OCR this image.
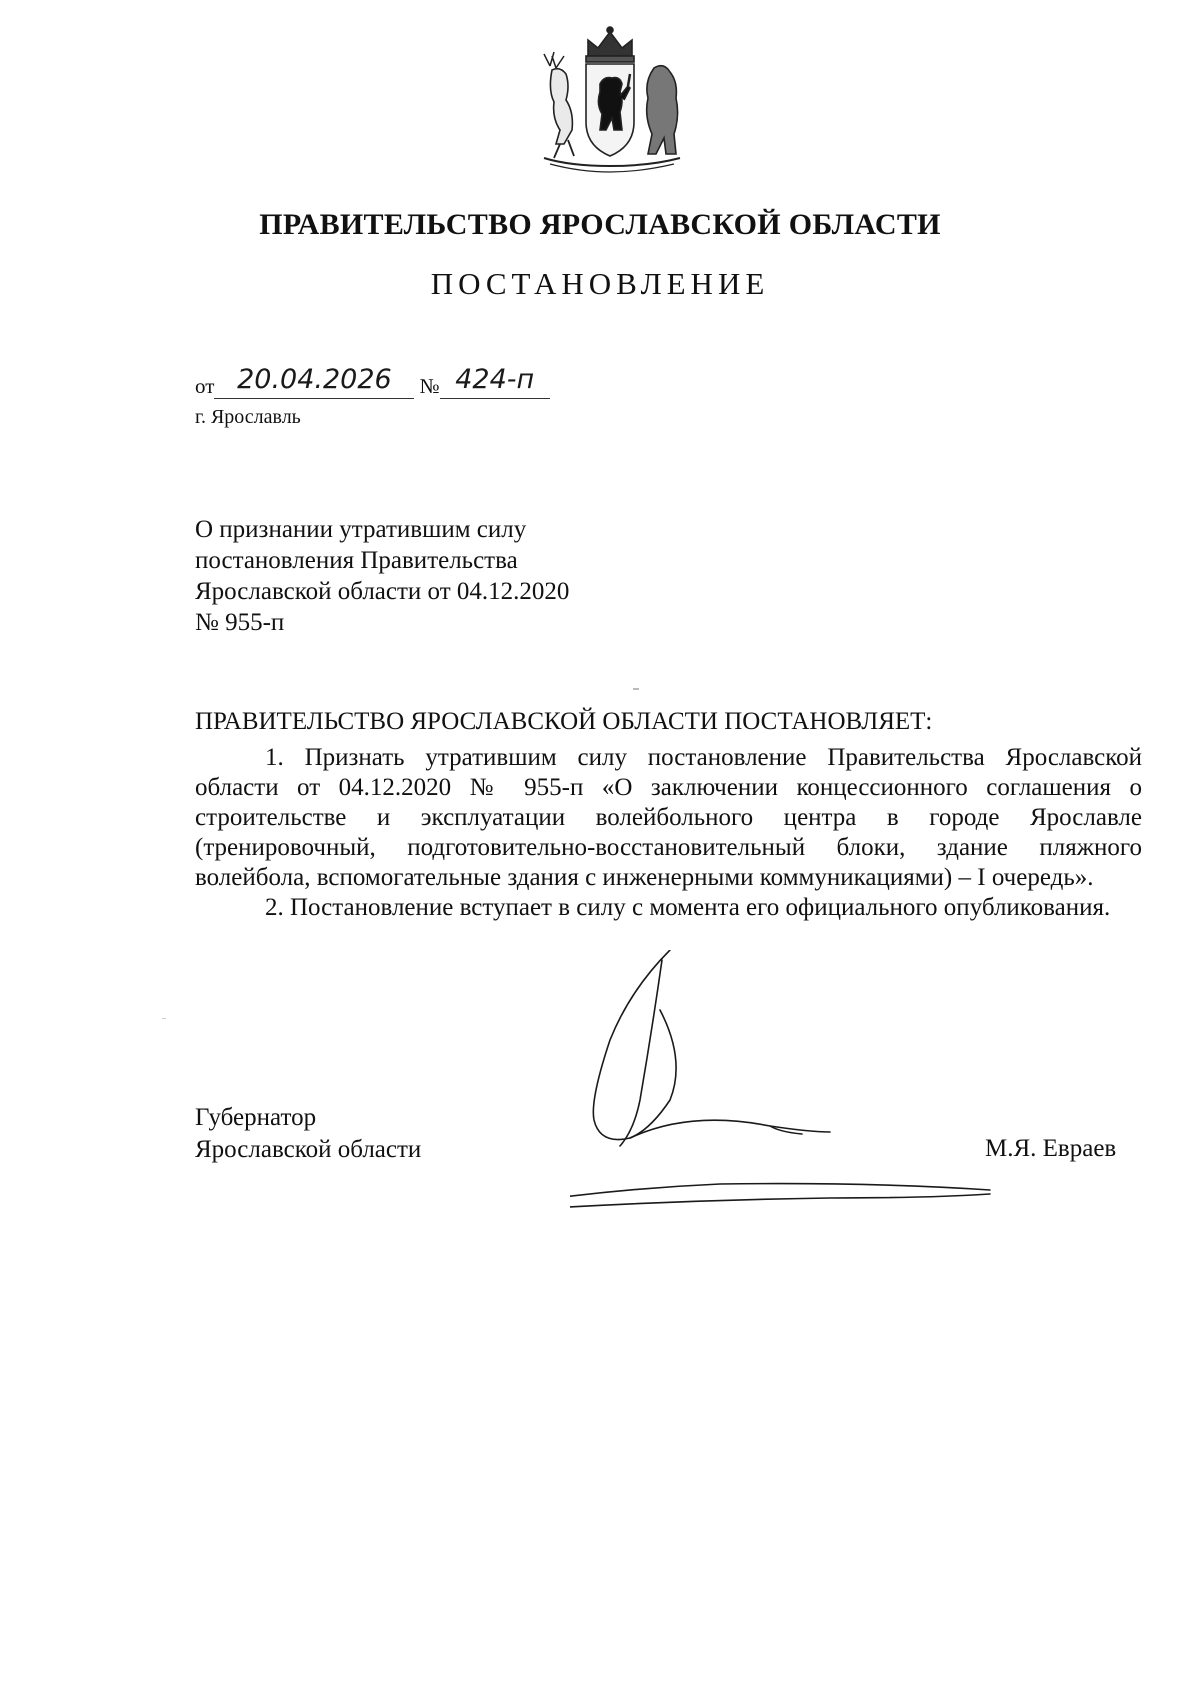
ПРАВИТЕЛЬСТВО ЯРОСЛАВСКОЙ ОБЛАСТИ
ПОСТАНОВЛЕНИЕ
от 20.04.2026 № 424-п
г. Ярославль
О признании утратившим силу
постановления Правительства
Ярославской области от 04.12.2020
№ 955-п
ПРАВИТЕЛЬСТВО ЯРОСЛАВСКОЙ ОБЛАСТИ ПОСТАНОВЛЯЕТ:

1. Признать утратившим силу постановление Правительства Ярославской области от 04.12.2020 № 955-п «О заключении концессионного соглашения о строительстве и эксплуатации волейбольного центра в городе Ярославле (тренировочный, подготовительно-восстановительный блоки, здание пляжного волейбола, вспомогательные здания с инженерными коммуникациями) – I очередь».

2. Постановление вступает в силу с момента его официального опубликования.

Губернатор
Ярославской области	М.Я. Евраев
